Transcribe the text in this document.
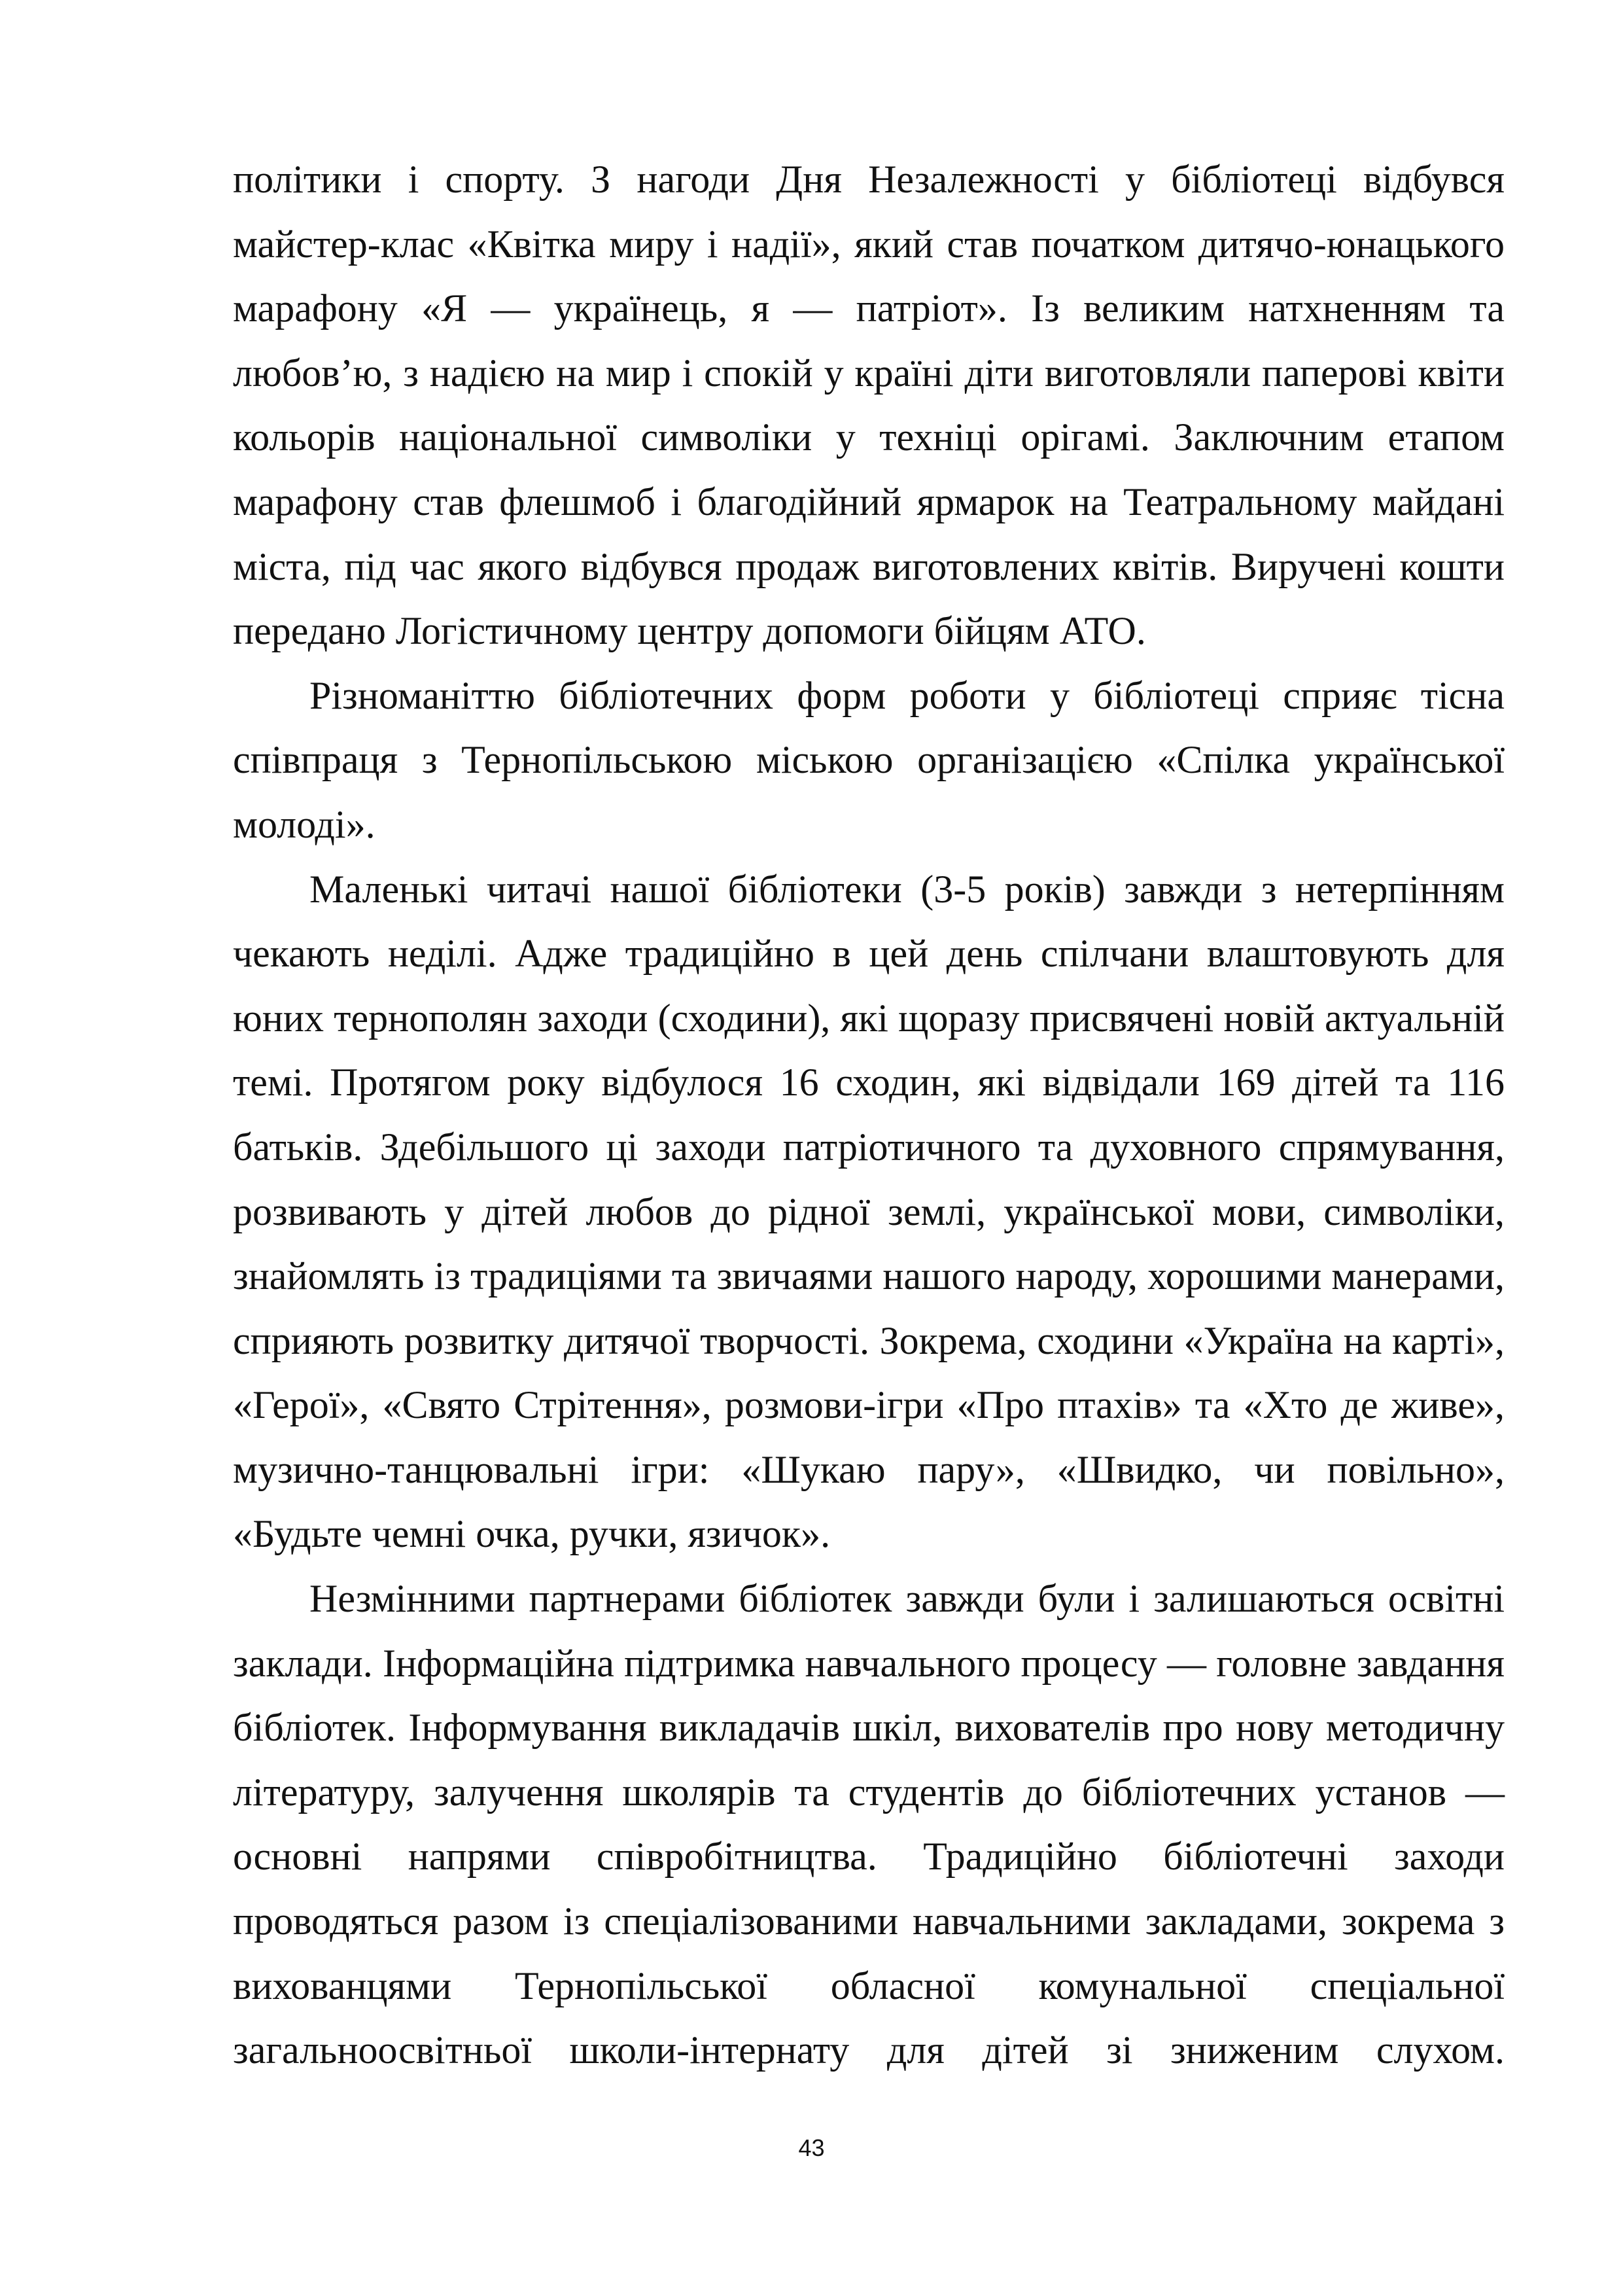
політики і спорту. З нагоди Дня Незалежності у бібліотеці відбувся майстер-клас «Квітка миру і надії», який став початком дитячо-юнацького марафону «Я — українець, я — патріот». Із великим натхненням та любов’ю, з надією на мир і спокій у країні діти виготовляли паперові квіти кольорів національної символіки у техніці орігамі. Заключним етапом марафону став флешмоб і благодійний ярмарок на Театральному майдані міста, під час якого відбувся продаж виготовлених квітів. Виручені кошти передано Логістичному центру допомоги бійцям АТО.

Різноманіттю бібліотечних форм роботи у бібліотеці сприяє тісна співпраця з Тернопільською міською організацією «Спілка української молоді».

Маленькі читачі нашої бібліотеки (3-5 років) завжди з нетерпінням чекають неділі. Адже традиційно в цей день спілчани влаштовують для юних тернополян заходи (сходини), які щоразу присвячені новій актуальній темі. Протягом року відбулося 16 сходин, які відвідали 169 дітей та 116 батьків. Здебільшого ці заходи патріотичного та духовного спрямування, розвивають у дітей любов до рідної землі, української мови, символіки, знайомлять із традиціями та звичаями нашого народу, хорошими манерами, сприяють розвитку дитячої творчості. Зокрема, сходини «Україна на карті», «Герої», «Свято Стрітення», розмови-ігри «Про птахів» та «Хто де живе», музично-танцювальні ігри: «Шукаю пару», «Швидко, чи повільно», «Будьте чемні очка, ручки, язичок».

Незмінними партнерами бібліотек завжди були і залишаються освітні заклади. Інформаційна підтримка навчального процесу — головне завдання бібліотек. Інформування викладачів шкіл, вихователів про нову методичну літературу, залучення школярів та студентів до бібліотечних установ — основні напрями співробітництва. Традиційно бібліотечні заходи проводяться разом із спеціалізованими навчальними закладами, зокрема з вихованцями Тернопільської обласної комунальної спеціальної загальноосвітньої школи-інтернату для дітей зі зниженим слухом.

43
